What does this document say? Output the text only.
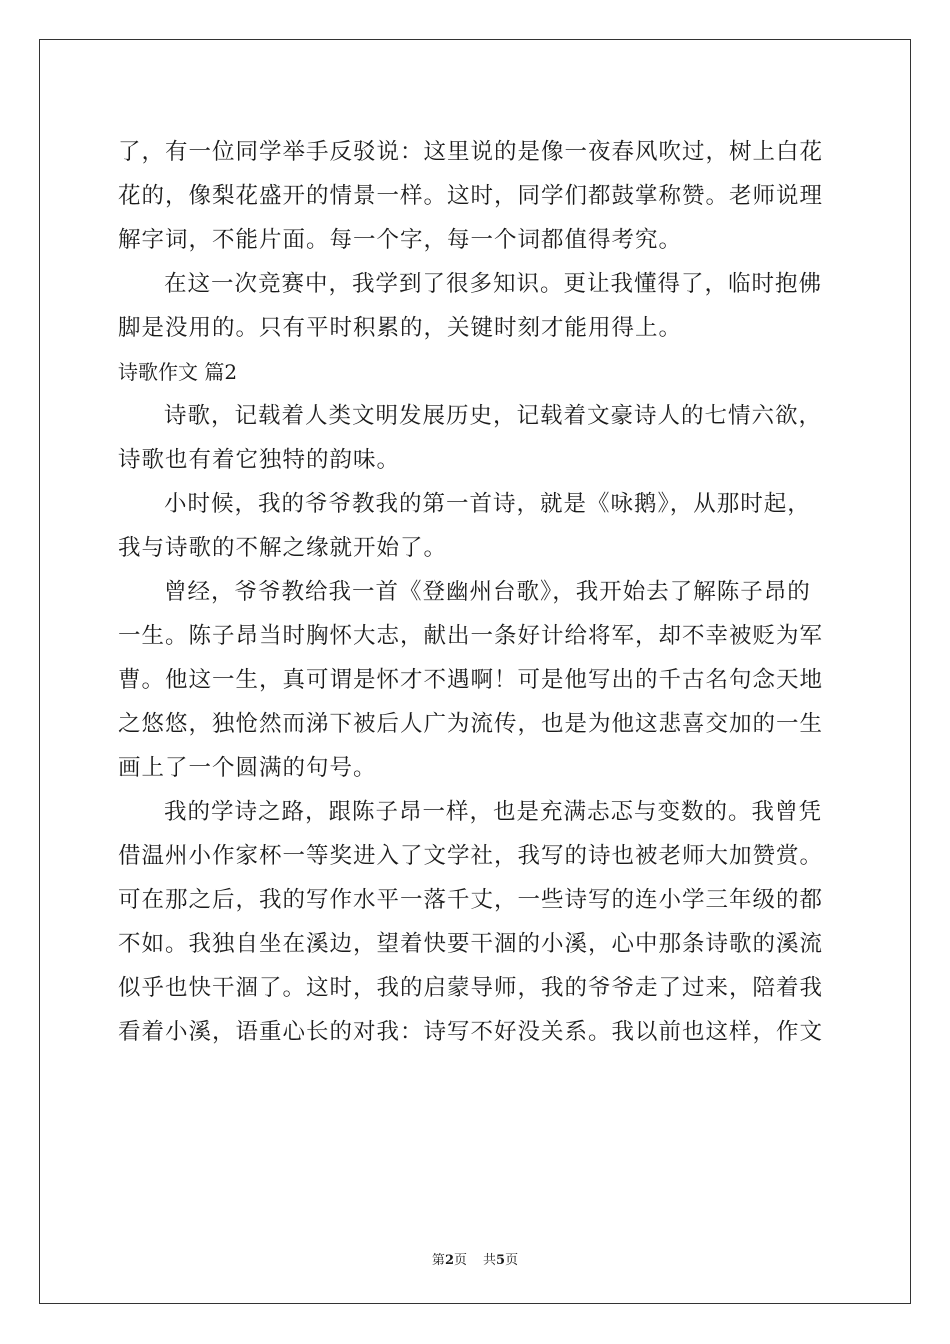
了，有一位同学举手反驳说：这里说的是像一夜春风吹过，树上白花
花的，像梨花盛开的情景一样。这时，同学们都鼓掌称赞。老师说理
解字词，不能片面。每一个字，每一个词都值得考究。
在这一次竞赛中，我学到了很多知识。更让我懂得了，临时抱佛
脚是没用的。只有平时积累的，关键时刻才能用得上。
诗歌作文 篇2
诗歌，记载着人类文明发展历史，记载着文豪诗人的七情六欲，
诗歌也有着它独特的韵味。
小时候，我的爷爷教我的第一首诗，就是《咏鹅》，从那时起，
我与诗歌的不解之缘就开始了。
曾经，爷爷教给我一首《登幽州台歌》，我开始去了解陈子昂的
一生。陈子昂当时胸怀大志，献出一条好计给将军，却不幸被贬为军
曹。他这一生，真可谓是怀才不遇啊！可是他写出的千古名句念天地
之悠悠，独怆然而涕下被后人广为流传，也是为他这悲喜交加的一生
画上了一个圆满的句号。
我的学诗之路，跟陈子昂一样，也是充满忐忑与变数的。我曾凭
借温州小作家杯一等奖进入了文学社，我写的诗也被老师大加赞赏。
可在那之后，我的写作水平一落千丈，一些诗写的连小学三年级的都
不如。我独自坐在溪边，望着快要干涸的小溪，心中那条诗歌的溪流
似乎也快干涸了。这时，我的启蒙导师，我的爷爷走了过来，陪着我
看着小溪，语重心长的对我：诗写不好没关系。我以前也这样，作文
第2页 共5页
